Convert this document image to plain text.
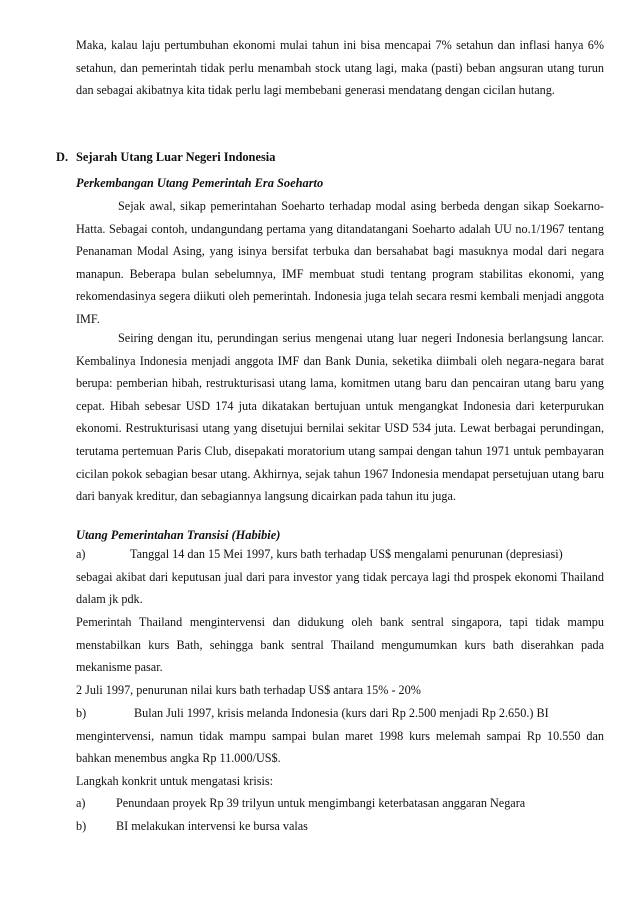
Maka, kalau laju pertumbuhan ekonomi mulai tahun ini bisa mencapai 7% setahun dan inflasi hanya 6% setahun, dan pemerintah tidak perlu menambah stock utang lagi, maka (pasti) beban angsuran utang turun dan sebagai akibatnya kita tidak perlu lagi membebani generasi mendatang dengan cicilan hutang.

D. Sejarah Utang Luar Negeri Indonesia
Perkembangan Utang Pemerintah Era Soeharto

Sejak awal, sikap pemerintahan Soeharto terhadap modal asing berbeda dengan sikap Soekarno-Hatta. Sebagai contoh, undangundang pertama yang ditandatangani Soeharto adalah UU no.1/1967 tentang Penanaman Modal Asing, yang isinya bersifat terbuka dan bersahabat bagi masuknya modal dari negara manapun. Beberapa bulan sebelumnya, IMF membuat studi tentang program stabilitas ekonomi, yang rekomendasinya segera diikuti oleh pemerintah. Indonesia juga telah secara resmi kembali menjadi anggota IMF.

Seiring dengan itu, perundingan serius mengenai utang luar negeri Indonesia berlangsung lancar. Kembalinya Indonesia menjadi anggota IMF dan Bank Dunia, seketika diimbali oleh negara-negara barat berupa: pemberian hibah, restrukturisasi utang lama, komitmen utang baru dan pencairan utang baru yang cepat. Hibah sebesar USD 174 juta dikatakan bertujuan untuk mengangkat Indonesia dari keterpurukan ekonomi. Restrukturisasi utang yang disetujui bernilai sekitar USD 534 juta. Lewat berbagai perundingan, terutama pertemuan Paris Club, disepakati moratorium utang sampai dengan tahun 1971 untuk pembayaran cicilan pokok sebagian besar utang. Akhirnya, sejak tahun 1967 Indonesia mendapat persetujuan utang baru dari banyak kreditur, dan sebagiannya langsung dicairkan pada tahun itu juga.

Utang Pemerintahan Transisi (Habibie)
a)	Tanggal 14 dan 15 Mei 1997, kurs bath terhadap US$ mengalami penurunan (depresiasi)
sebagai akibat dari keputusan jual dari para investor yang tidak percaya lagi thd prospek ekonomi Thailand dalam jk pdk.

Pemerintah Thailand mengintervensi dan didukung oleh bank sentral singapora, tapi tidak mampu menstabilkan kurs Bath, sehingga bank sentral Thailand mengumumkan kurs bath diserahkan pada mekanisme pasar.

2 Juli 1997, penurunan nilai kurs bath terhadap US$ antara 15% - 20%
b)	Bulan Juli 1997, krisis melanda Indonesia (kurs dari Rp 2.500 menjadi Rp 2.650.) BI
mengintervensi, namun tidak mampu sampai bulan maret 1998 kurs melemah sampai Rp 10.550 dan bahkan menembus angka Rp 11.000/US$.
Langkah konkrit untuk mengatasi krisis:
a)	Penundaan proyek Rp 39 trilyun untuk mengimbangi keterbatasan anggaran Negara
b) BI melakukan intervensi ke bursa valas
